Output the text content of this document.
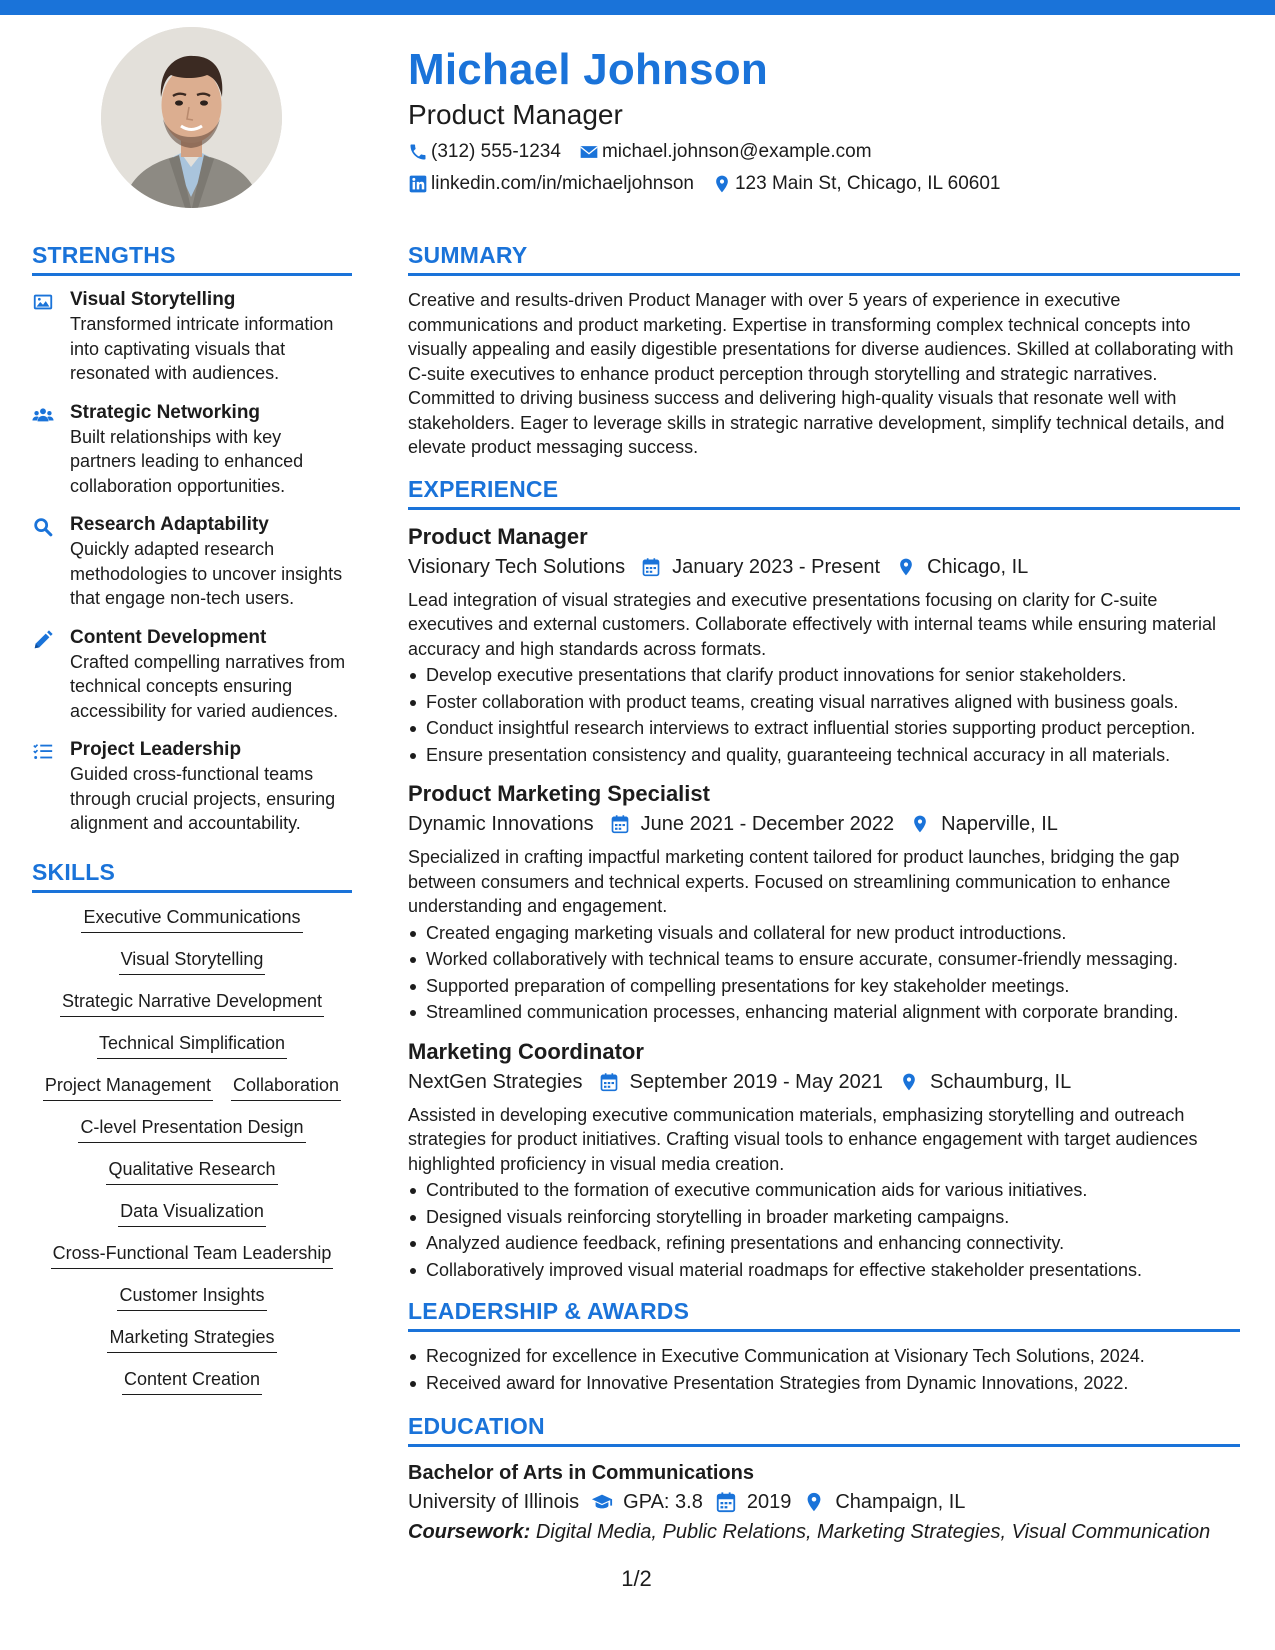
Michael Johnson
Product Manager
(312) 555-1234 michael.johnson@example.com
linkedin.com/in/michaeljohnson 123 Main St, Chicago, IL 60601
STRENGTHS
Visual Storytelling
Transformed intricate information into captivating visuals that resonated with audiences.
Strategic Networking
Built relationships with key partners leading to enhanced collaboration opportunities.
Research Adaptability
Quickly adapted research methodologies to uncover insights that engage non-tech users.
Content Development
Crafted compelling narratives from technical concepts ensuring accessibility for varied audiences.
Project Leadership
Guided cross-functional teams through crucial projects, ensuring alignment and accountability.
SKILLS
Executive Communications
Visual Storytelling
Strategic Narrative Development
Technical Simplification
Project Management Collaboration
C-level Presentation Design
Qualitative Research
Data Visualization
Cross-Functional Team Leadership
Customer Insights
Marketing Strategies
Content Creation
SUMMARY
Creative and results-driven Product Manager with over 5 years of experience in executive communications and product marketing. Expertise in transforming complex technical concepts into visually appealing and easily digestible presentations for diverse audiences. Skilled at collaborating with C-suite executives to enhance product perception through storytelling and strategic narratives. Committed to driving business success and delivering high-quality visuals that resonate well with stakeholders. Eager to leverage skills in strategic narrative development, simplify technical details, and elevate product messaging success.
EXPERIENCE
Product Manager
Visionary Tech Solutions January 2023 - Present Chicago, IL
Lead integration of visual strategies and executive presentations focusing on clarity for C-suite executives and external customers. Collaborate effectively with internal teams while ensuring material accuracy and high standards across formats.
Develop executive presentations that clarify product innovations for senior stakeholders.
Foster collaboration with product teams, creating visual narratives aligned with business goals.
Conduct insightful research interviews to extract influential stories supporting product perception.
Ensure presentation consistency and quality, guaranteeing technical accuracy in all materials.
Product Marketing Specialist
Dynamic Innovations June 2021 - December 2022 Naperville, IL
Specialized in crafting impactful marketing content tailored for product launches, bridging the gap between consumers and technical experts. Focused on streamlining communication to enhance understanding and engagement.
Created engaging marketing visuals and collateral for new product introductions.
Worked collaboratively with technical teams to ensure accurate, consumer-friendly messaging.
Supported preparation of compelling presentations for key stakeholder meetings.
Streamlined communication processes, enhancing material alignment with corporate branding.
Marketing Coordinator
NextGen Strategies September 2019 - May 2021 Schaumburg, IL
Assisted in developing executive communication materials, emphasizing storytelling and outreach strategies for product initiatives. Crafting visual tools to enhance engagement with target audiences highlighted proficiency in visual media creation.
Contributed to the formation of executive communication aids for various initiatives.
Designed visuals reinforcing storytelling in broader marketing campaigns.
Analyzed audience feedback, refining presentations and enhancing connectivity.
Collaboratively improved visual material roadmaps for effective stakeholder presentations.
LEADERSHIP & AWARDS
Recognized for excellence in Executive Communication at Visionary Tech Solutions, 2024.
Received award for Innovative Presentation Strategies from Dynamic Innovations, 2022.
EDUCATION
Bachelor of Arts in Communications
University of Illinois GPA: 3.8 2019 Champaign, IL
Coursework: Digital Media, Public Relations, Marketing Strategies, Visual Communication
1/2
